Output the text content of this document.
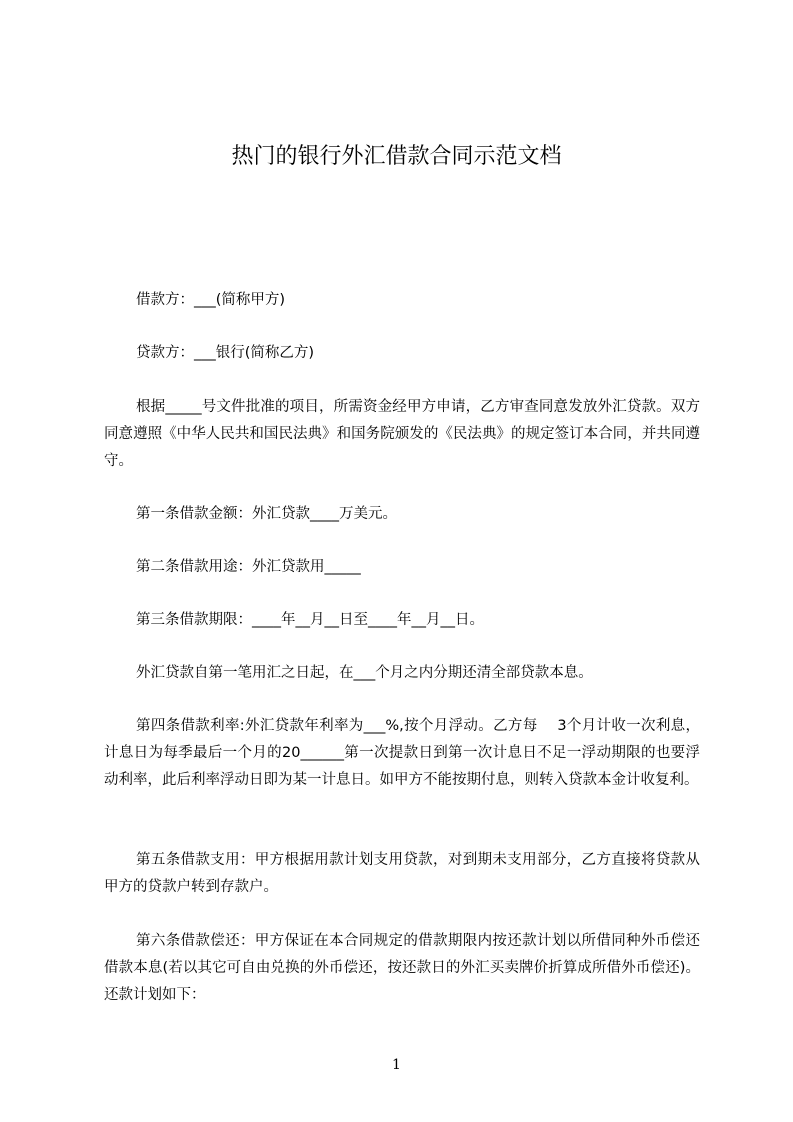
热门的银行外汇借款合同示范文档

借款方：___(简称甲方)

贷款方：___银行(简称乙方)

根据_____号文件批准的项目，所需资金经甲方申请，乙方审查同意发放外汇贷款。双方同意遵照《中华人民共和国民法典》和国务院颁发的《民法典》的规定签订本合同，并共同遵守。

第一条借款金额：外汇贷款____万美元。

第二条借款用途：外汇贷款用_____

第三条借款期限：____年__月__日至____年__月__日。

外汇贷款自第一笔用汇之日起，在___个月之内分期还清全部贷款本息。

第四条借款利率:外汇贷款年利率为___%,按个月浮动。乙方每　 3个月计收一次利息，计息日为每季最后一个月的20______第一次提款日到第一次计息日不足一浮动期限的也要浮动利率，此后利率浮动日即为某一计息日。如甲方不能按期付息，则转入贷款本金计收复利。

第五条借款支用：甲方根据用款计划支用贷款，对到期未支用部分，乙方直接将贷款从甲方的贷款户转到存款户。

第六条借款偿还：甲方保证在本合同规定的借款期限内按还款计划以所借同种外币偿还借款本息(若以其它可自由兑换的外币偿还，按还款日的外汇买卖牌价折算成所借外币偿还)。还款计划如下：

1
